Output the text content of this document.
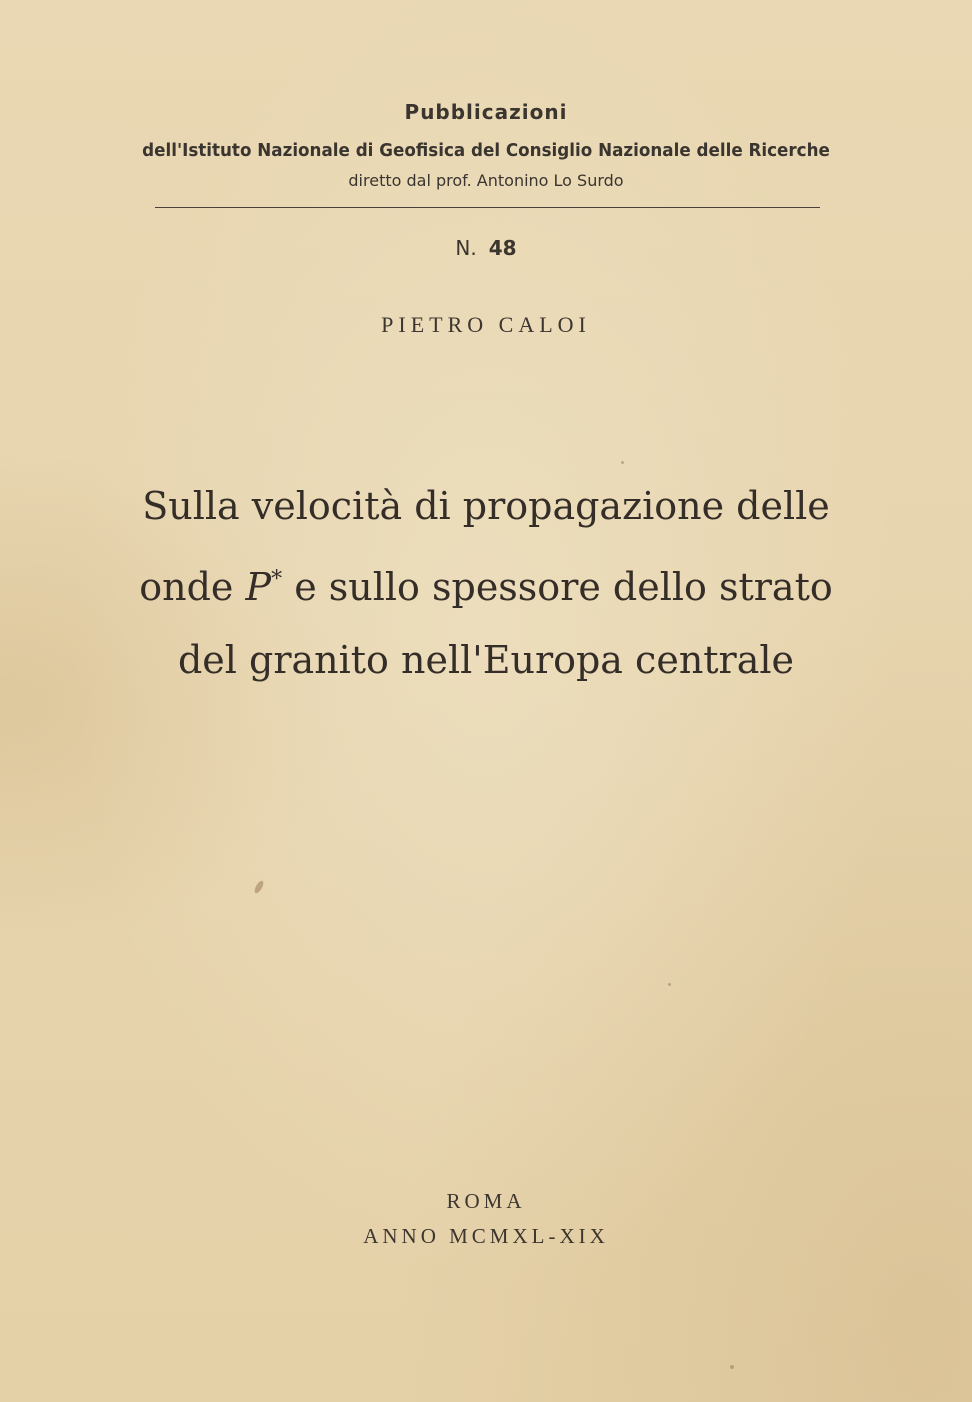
Pubblicazioni
dell'Istituto Nazionale di Geofisica del Consiglio Nazionale delle Ricerche
diretto dal prof. Antonino Lo Surdo
N. 48
PIETRO CALOI
Sulla velocità di propagazione delle
onde P* e sullo spessore dello strato
del granito nell'Europa centrale
ROMA
ANNO MCMXL-XIX
